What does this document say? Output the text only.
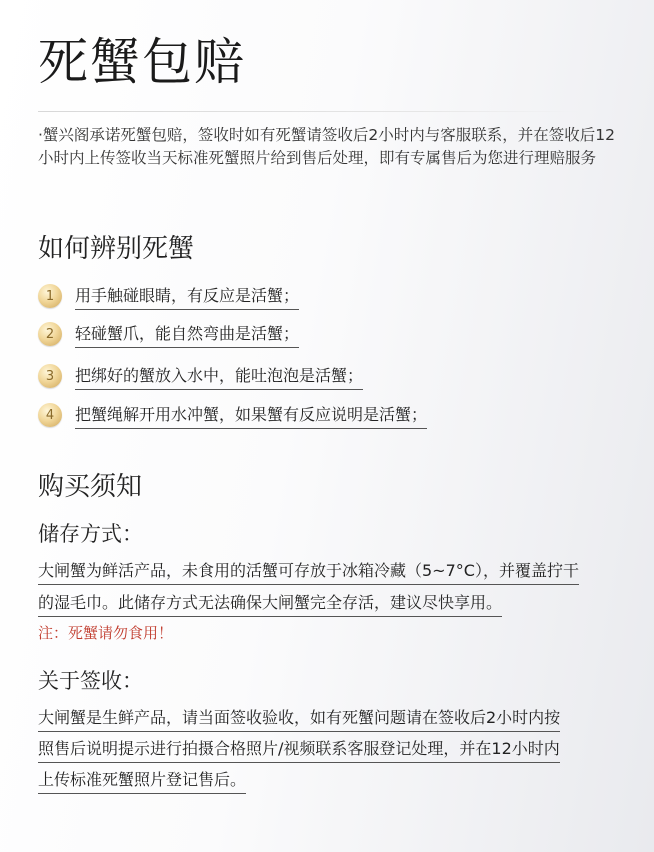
死蟹包赔
·蟹兴阁承诺死蟹包赔，签收时如有死蟹请签收后2小时内与客服联系，并在签收后12小时内上传签收当天标准死蟹照片给到售后处理，即有专属售后为您进行理赔服务
如何辨别死蟹
1	用手触碰眼睛，有反应是活蟹；
2	轻碰蟹爪，能自然弯曲是活蟹；
3	把绑好的蟹放入水中，能吐泡泡是活蟹；
4	把蟹绳解开用水冲蟹，如果蟹有反应说明是活蟹；
购买须知
储存方式：
大闸蟹为鲜活产品，未食用的活蟹可存放于冰箱冷藏（5~7°C），并覆盖拧干
的湿毛巾。此储存方式无法确保大闸蟹完全存活，建议尽快享用。
注：死蟹请勿食用！
关于签收：
大闸蟹是生鲜产品，请当面签收验收，如有死蟹问题请在签收后2小时内按
照售后说明提示进行拍摄合格照片/视频联系客服登记处理，并在12小时内
上传标准死蟹照片登记售后。
